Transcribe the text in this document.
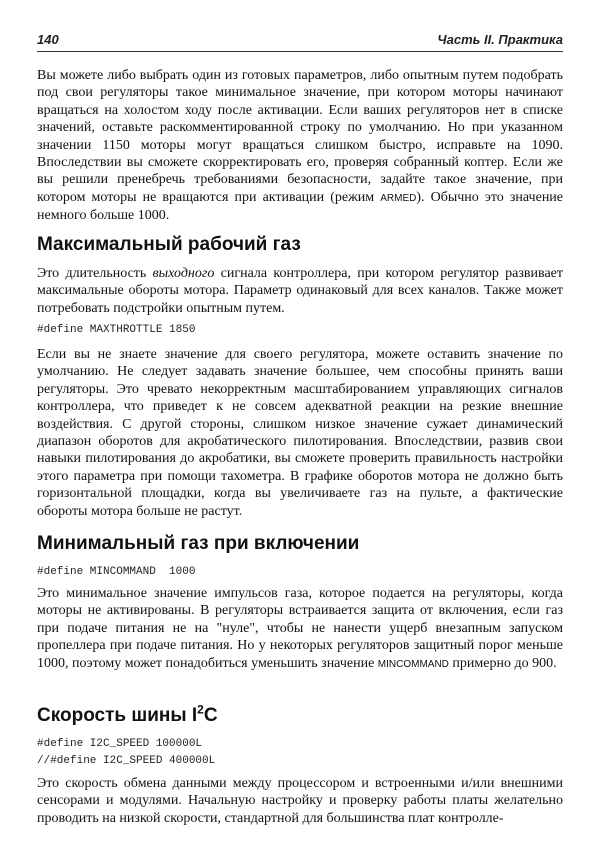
140	Часть II. Практика

Вы можете либо выбрать один из готовых параметров, либо опытным путем подобрать под свои регуляторы такое минимальное значение, при котором моторы начинают вращаться на холостом ходу после активации. Если ваших регуляторов нет в списке значений, оставьте раскомментированной строку по умолчанию. Но при указанном значении 1150 моторы могут вращаться слишком быстро, исправьте на 1090. Впоследствии вы сможете скорректировать его, проверяя собранный коптер. Если же вы решили пренебречь требованиями безопасности, задайте такое значение, при котором моторы не вращаются при активации (режим ARMED). Обычно это значение немного больше 1000.

Максимальный рабочий газ

Это длительность выходного сигнала контроллера, при котором регулятор развивает максимальные обороты мотора. Параметр одинаковый для всех каналов. Также может потребовать подстройки опытным путем.

#define MAXTHROTTLE 1850

Если вы не знаете значение для своего регулятора, можете оставить значение по умолчанию. Не следует задавать значение большее, чем способны принять ваши регуляторы. Это чревато некорректным масштабированием управляющих сигналов контроллера, что приведет к не совсем адекватной реакции на резкие внешние воздействия. С другой стороны, слишком низкое значение сужает динамический диапазон оборотов для акробатического пилотирования. Впоследствии, развив свои навыки пилотирования до акробатики, вы сможете проверить правильность настройки этого параметра при помощи тахометра. В графике оборотов мотора не должно быть горизонтальной площадки, когда вы увеличиваете газ на пульте, а фактические обороты мотора больше не растут.

Минимальный газ при включении
#define MINCOMMAND  1000

Это минимальное значение импульсов газа, которое подается на регуляторы, когда моторы не активированы. В регуляторы встраивается защита от включения, если газ при подаче питания не на "нуле", чтобы не нанести ущерб внезапным запуском пропеллера при подаче питания. Но у некоторых регуляторов защитный порог меньше 1000, поэтому может понадобиться уменьшить значение MINCOMMAND примерно до 900.

Скорость шины $I^2C$
#define I2C_SPEED 100000L
//#define I2C_SPEED 400000L

Это скорость обмена данными между процессором и встроенными и/или внешними сенсорами и модулями. Начальную настройку и проверку работы платы желательно проводить на низкой скорости, стандартной для большинства плат контролле-
